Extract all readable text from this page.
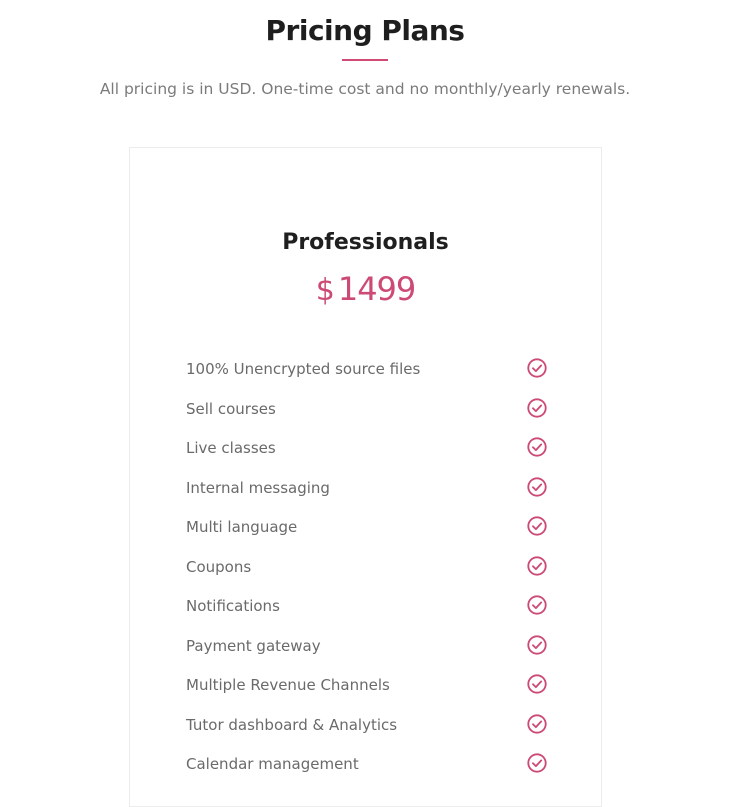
Pricing Plans

All pricing is in USD. One-time cost and no monthly/yearly renewals.

Professionals
$ 1499
100% Unencrypted source files
Sell courses
Live classes
Internal messaging
Multi language
Coupons
Notifications
Payment gateway
Multiple Revenue Channels
Tutor dashboard & Analytics
Calendar management
